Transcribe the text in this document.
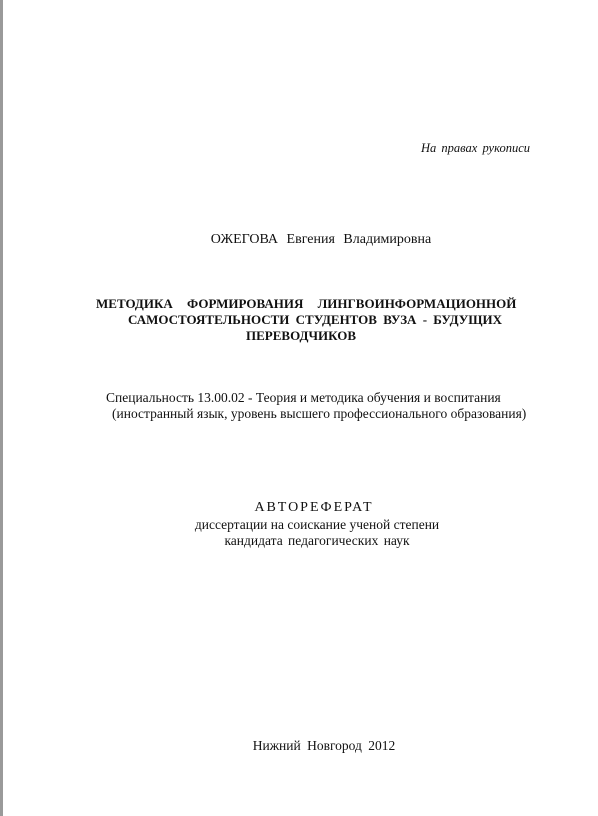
На правах рукописи
ОЖЕГОВА Евгения Владимировна
МЕТОДИКА ФОРМИРОВАНИЯ ЛИНГВОИНФОРМАЦИОННОЙ
САМОСТОЯТЕЛЬНОСТИ СТУДЕНТОВ ВУЗА - БУДУЩИХ
ПЕРЕВОДЧИКОВ
Специальность 13.00.02 - Теория и методика обучения и воспитания
(иностранный язык, уровень высшего профессионального образования)
АВТОРЕФЕРАТ
диссертации на соискание ученой степени
кандидата педагогических наук
Нижний Новгород 2012
